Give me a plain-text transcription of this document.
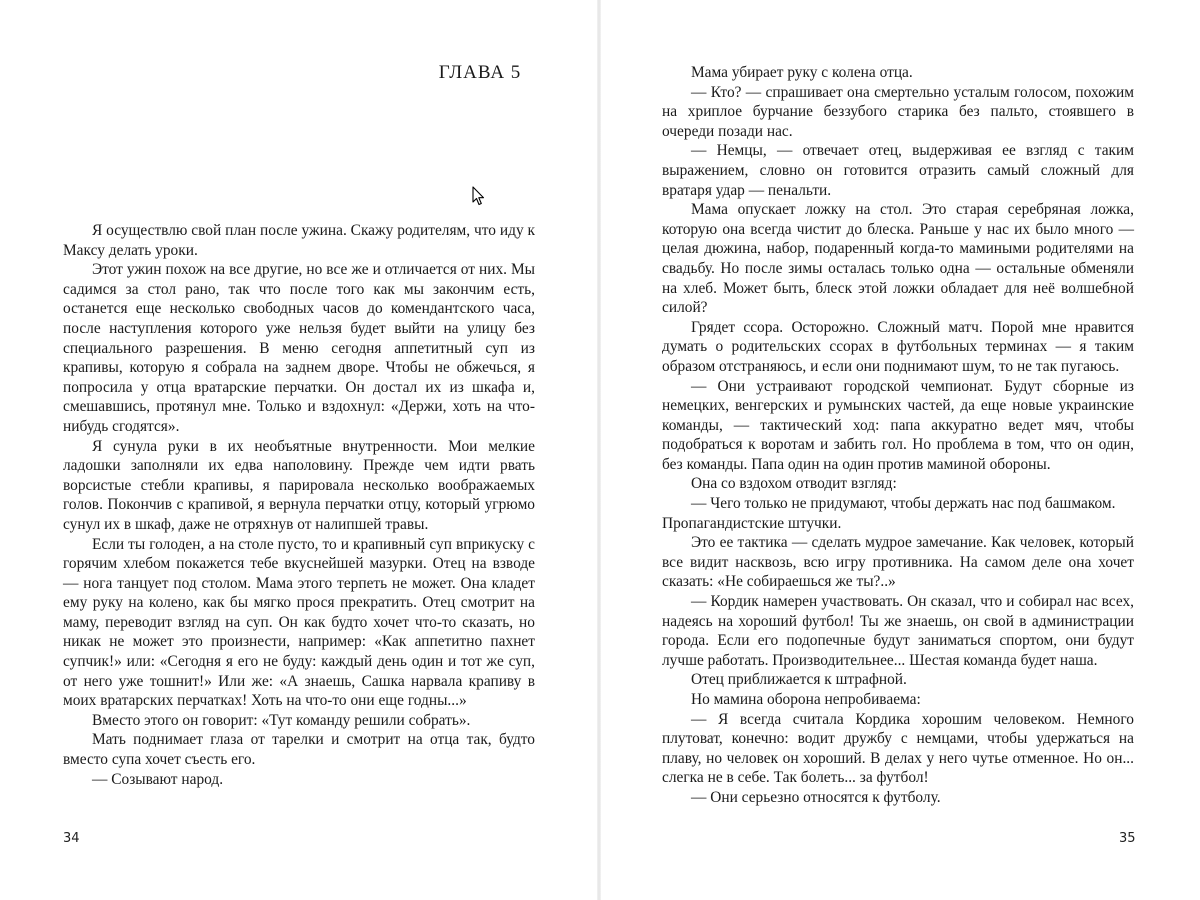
ГЛАВА 5

Я осуществлю свой план после ужина. Скажу родителям, что иду к Максу делать уроки.

Этот ужин похож на все другие, но все же и отличается от них. Мы садимся за стол рано, так что после того как мы закончим есть, останется еще несколько свободных часов до комендантского часа, после наступления которого уже нельзя будет выйти на улицу без специального разрешения. В меню сегодня аппетитный суп из крапивы, которую я собрала на заднем дворе. Чтобы не обжечься, я попросила у отца вратарские перчатки. Он достал их из шкафа и, смешавшись, протянул мне. Только и вздохнул: «Держи, хоть на что-нибудь сгодятся».

Я сунула руки в их необъятные внутренности. Мои мелкие ладошки заполняли их едва наполовину. Прежде чем идти рвать ворсистые стебли крапивы, я парировала несколько воображаемых голов. Покончив с крапивой, я вернула перчатки отцу, который угрюмо сунул их в шкаф, даже не отряхнув от налипшей травы.

Если ты голоден, а на столе пусто, то и крапивный суп вприкуску с горячим хлебом покажется тебе вкуснейшей мазурки. Отец на взводе — нога танцует под столом. Мама этого терпеть не может. Она кладет ему руку на колено, как бы мягко прося прекратить. Отец смотрит на маму, переводит взгляд на суп. Он как будто хочет что-то сказать, но никак не может это произнести, например: «Как аппетитно пахнет супчик!» или: «Сегодня я его не буду: каждый день один и тот же суп, от него уже тошнит!» Или же: «А знаешь, Сашка нарвала крапиву в моих вратарских перчатках! Хоть на что-то они еще годны...»

Вместо этого он говорит: «Тут команду решили собрать».

Мать поднимает глаза от тарелки и смотрит на отца так, будто вместо супа хочет съесть его.

— Созывают народ.

34

Мама убирает руку с колена отца.

— Кто? — спрашивает она смертельно усталым голосом, похожим на хриплое бурчание беззубого старика без пальто, стоявшего в очереди позади нас.

— Немцы, — отвечает отец, выдерживая ее взгляд с таким выражением, словно он готовится отразить самый сложный для вратаря удар — пенальти.

Мама опускает ложку на стол. Это старая серебряная ложка, которую она всегда чистит до блеска. Раньше у нас их было много — целая дюжина, набор, подаренный когда-то мамиными родителями на свадьбу. Но после зимы осталась только одна — остальные обменяли на хлеб. Может быть, блеск этой ложки обладает для неё волшебной силой?

Грядет ссора. Осторожно. Сложный матч. Порой мне нравится думать о родительских ссорах в футбольных терминах — я таким образом отстраняюсь, и если они поднимают шум, то не так пугаюсь.

— Они устраивают городской чемпионат. Будут сборные из немецких, венгерских и румынских частей, да еще новые украинские команды, — тактический ход: папа аккуратно ведет мяч, чтобы подобраться к воротам и забить гол. Но проблема в том, что он один, без команды. Папа один на один против маминой обороны.

Она со вздохом отводит взгляд:

— Чего только не придумают, чтобы держать нас под башмаком.

Пропагандистские штучки.

Это ее тактика — сделать мудрое замечание. Как человек, который все видит насквозь, всю игру противника. На самом деле она хочет сказать: «Не собираешься же ты?..»

— Кордик намерен участвовать. Он сказал, что и собирал нас всех, надеясь на хороший футбол! Ты же знаешь, он свой в администрации города. Если его подопечные будут заниматься спортом, они будут лучше работать. Производительнее... Шестая команда будет наша.

Отец приближается к штрафной.

Но мамина оборона непробиваема:

— Я всегда считала Кордика хорошим человеком. Немного плутоват, конечно: водит дружбу с немцами, чтобы удержаться на плаву, но человек он хороший. В делах у него чутье отменное. Но он... слегка не в себе. Так болеть... за футбол!

— Они серьезно относятся к футболу.

35
